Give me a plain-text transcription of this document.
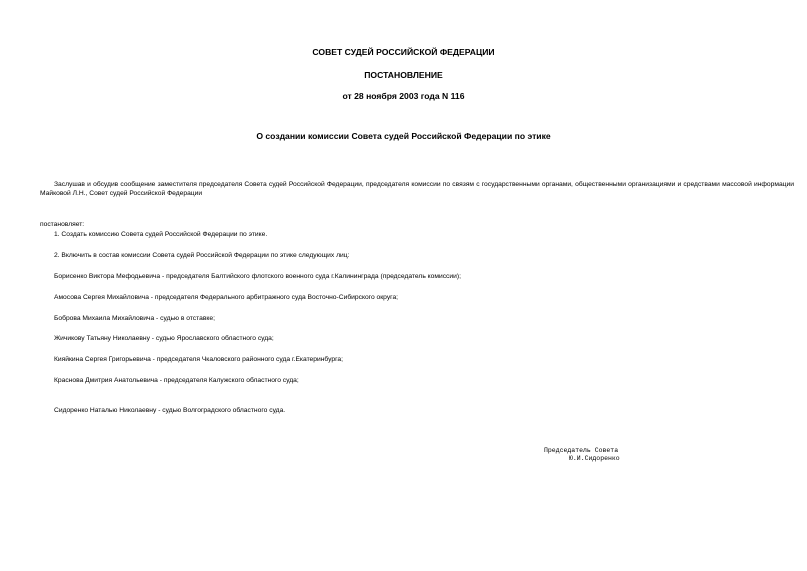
СОВЕТ СУДЕЙ РОССИЙСКОЙ ФЕДЕРАЦИИ
ПОСТАНОВЛЕНИЕ
от 28 ноября 2003 года N 116
О создании комиссии Совета судей Российской Федерации по этике
Заслушав и обсудив сообщение заместителя председателя Совета судей Российской Федерации, председателя комиссии по связям с государственными органами, общественными организациями и средствами массовой информации Майковой Л.Н., Совет судей Российской Федерации
постановляет:
1. Создать комиссию Совета судей Российской Федерации по этике.
2. Включить в состав комиссии Совета судей Российской Федерации по этике следующих лиц:
Борисенко Виктора Мефодьевича - председателя Балтийского флотского военного суда г.Калининграда (председатель комиссии);
Амосова Сергея Михайловича - председателя Федерального арбитражного суда Восточно-Сибирского округа;
Боброва Михаила Михайловича - судью в отставке;
Жичикову Татьяну Николаевну - судью Ярославского областного суда;
Кияйкина Сергея Григорьевича - председателя Чкаловского районного суда г.Екатеринбурга;
Краснова Дмитрия Анатольевича - председателя Калужского областного суда;
Сидоренко Наталью Николаевну - судью Волгоградского областного суда.
Председатель Совета
Ю.И.Сидоренко
